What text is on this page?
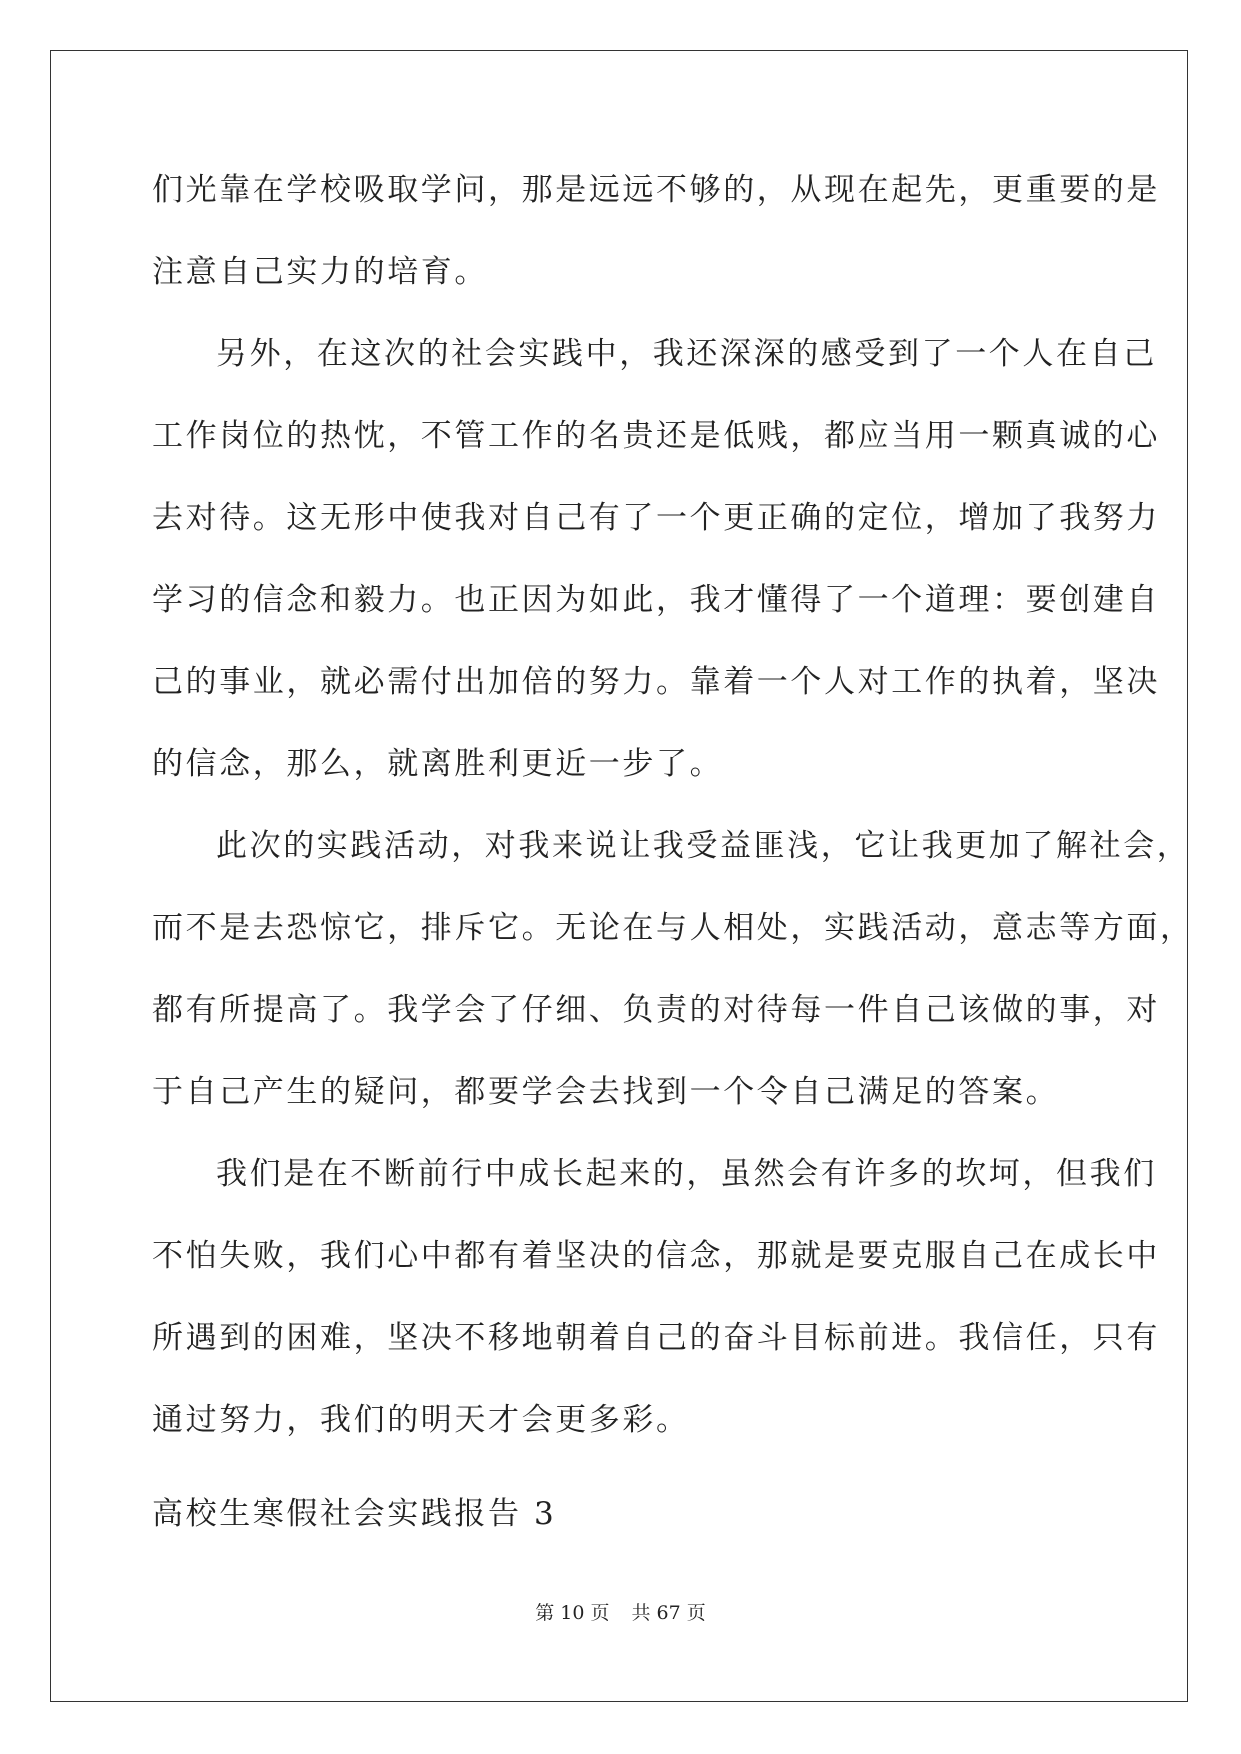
们光靠在学校吸取学问，那是远远不够的，从现在起先，更重要的是
注意自己实力的培育。
另外，在这次的社会实践中，我还深深的感受到了一个人在自己
工作岗位的热忱，不管工作的名贵还是低贱，都应当用一颗真诚的心
去对待。这无形中使我对自己有了一个更正确的定位，增加了我努力
学习的信念和毅力。也正因为如此，我才懂得了一个道理：要创建自
己的事业，就必需付出加倍的努力。靠着一个人对工作的执着，坚决
的信念，那么，就离胜利更近一步了。
此次的实践活动，对我来说让我受益匪浅，它让我更加了解社会，
而不是去恐惊它，排斥它。无论在与人相处，实践活动，意志等方面，
都有所提高了。我学会了仔细、负责的对待每一件自己该做的事，对
于自己产生的疑问，都要学会去找到一个令自己满足的答案。
我们是在不断前行中成长起来的，虽然会有许多的坎坷，但我们
不怕失败，我们心中都有着坚决的信念，那就是要克服自己在成长中
所遇到的困难，坚决不移地朝着自己的奋斗目标前进。我信任，只有
通过努力，我们的明天才会更多彩。
高校生寒假社会实践报告 3
第 10 页 共 67 页
